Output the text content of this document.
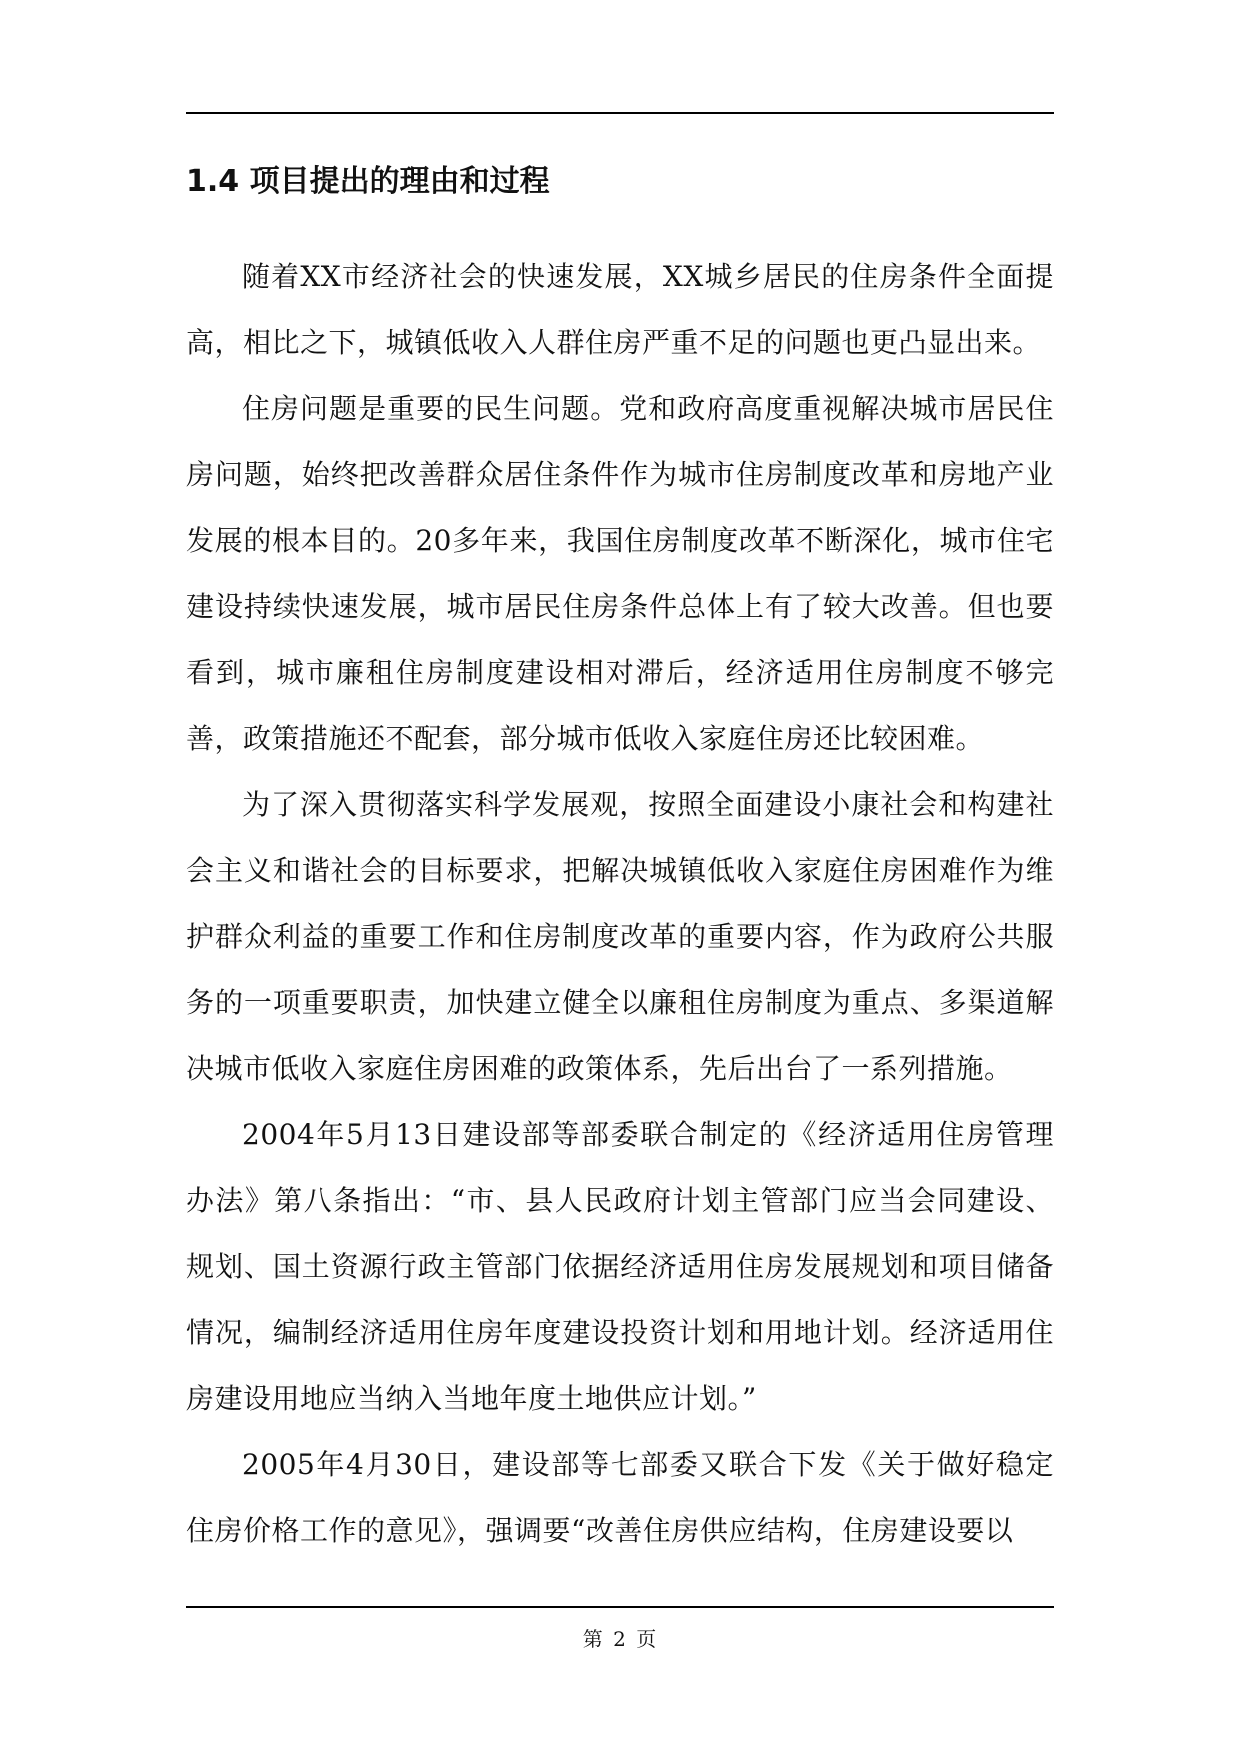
1.4 项目提出的理由和过程

随着XX市经济社会的快速发展，XX城乡居民的住房条件全面提高，相比之下，城镇低收入人群住房严重不足的问题也更凸显出来。

住房问题是重要的民生问题。党和政府高度重视解决城市居民住房问题，始终把改善群众居住条件作为城市住房制度改革和房地产业发展的根本目的。20多年来，我国住房制度改革不断深化，城市住宅建设持续快速发展，城市居民住房条件总体上有了较大改善。但也要看到，城市廉租住房制度建设相对滞后，经济适用住房制度不够完善，政策措施还不配套，部分城市低收入家庭住房还比较困难。

为了深入贯彻落实科学发展观，按照全面建设小康社会和构建社会主义和谐社会的目标要求，把解决城镇低收入家庭住房困难作为维护群众利益的重要工作和住房制度改革的重要内容，作为政府公共服务的一项重要职责，加快建立健全以廉租住房制度为重点、多渠道解决城市低收入家庭住房困难的政策体系，先后出台了一系列措施。

2004年5月13日建设部等部委联合制定的《经济适用住房管理办法》第八条指出：“市、县人民政府计划主管部门应当会同建设、规划、国土资源行政主管部门依据经济适用住房发展规划和项目储备情况，编制经济适用住房年度建设投资计划和用地计划。经济适用住房建设用地应当纳入当地年度土地供应计划。”

2005年4月30日，建设部等七部委又联合下发《关于做好稳定住房价格工作的意见》，强调要“改善住房供应结构，住房建设要以

第 2 页
